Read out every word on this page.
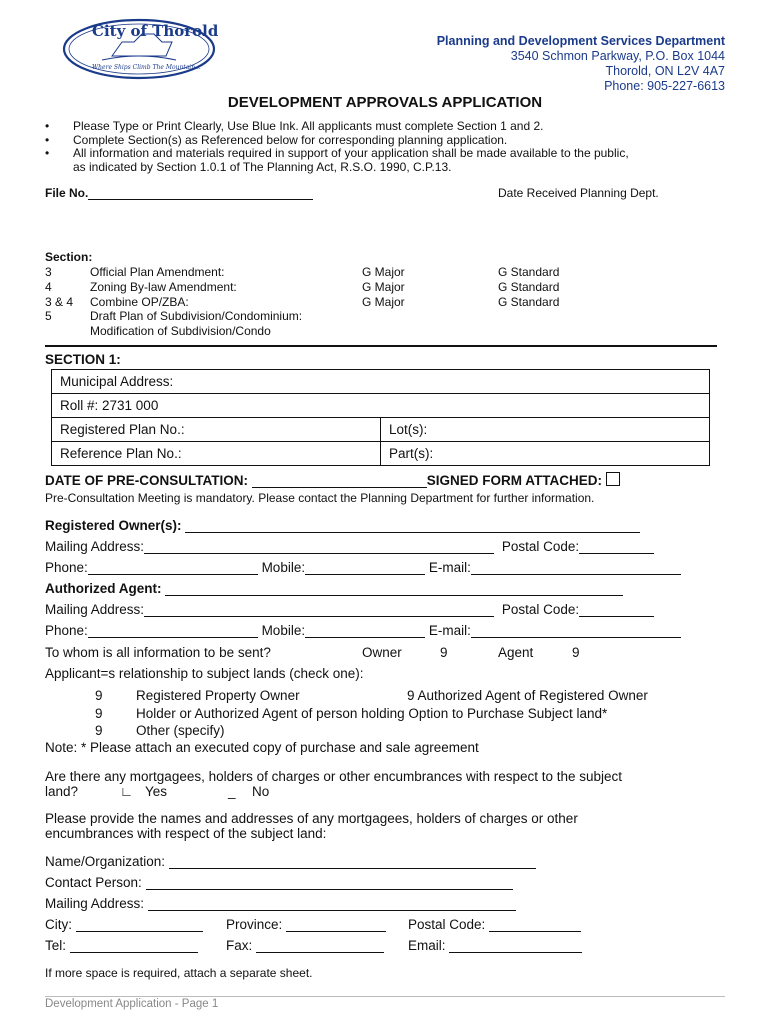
City of Thorold
Where Ships Climb The Mountain...
Planning and Development Services Department
3540 Schmon Parkway, P.O. Box 1044
Thorold, ON L2V 4A7
Phone: 905-227-6613
DEVELOPMENT APPROVALS APPLICATION
•	Please Type or Print Clearly, Use Blue Ink. All applicants must complete Section 1 and 2.
•	Complete Section(s) as Referenced below for corresponding planning application.
•	All information and materials required in support of your application shall be made available to the public,
as indicated by Section 1.0.1 of The Planning Act, R.S.O. 1990, C.P.13.
File No.	Date Received Planning Dept.
Section:
3	Official Plan Amendment:	G Major	G Standard
4	Zoning By-law Amendment:	G Major	G Standard
3 & 4 Combine OP/ZBA:	G Major	G Standard
5	Draft Plan of Subdivision/Condominium:
Modification of Subdivision/Condo
SECTION 1:
Municipal Address:	
Roll #: 2731 000	
Registered Plan No.:	Lot(s):
Reference Plan No.:	Part(s):
DATE OF PRE-CONSULTATION:	SIGNED FORM ATTACHED:
Pre-Consultation Meeting is mandatory. Please contact the Planning Department for further information.
Registered Owner(s):
Mailing Address:	Postal Code:
Phone:	Mobile:	E-mail:
Authorized Agent:
Mailing Address:	Postal Code:
Phone:	Mobile:	E-mail:
To whom is all information to be sent?	Owner	9	Agent	9
Applicant=s relationship to subject lands (check one):
9 Registered Property Owner	9 Authorized Agent of Registered Owner
9 Holder or Authorized Agent of person holding Option to Purchase Subject land*
9 Other (specify)
Note: * Please attach an executed copy of purchase and sale agreement
Are there any mortgagees, holders of charges or other encumbrances with respect to the subject
land?	∟ Yes	_ No
Please provide the names and addresses of any mortgagees, holders of charges or other
encumbrances with respect of the subject land:
Name/Organization:
Contact Person:
Mailing Address:
City:	Province:	Postal Code:
Tel:	Fax:	Email:
If more space is required, attach a separate sheet.
Development Application - Page 1
